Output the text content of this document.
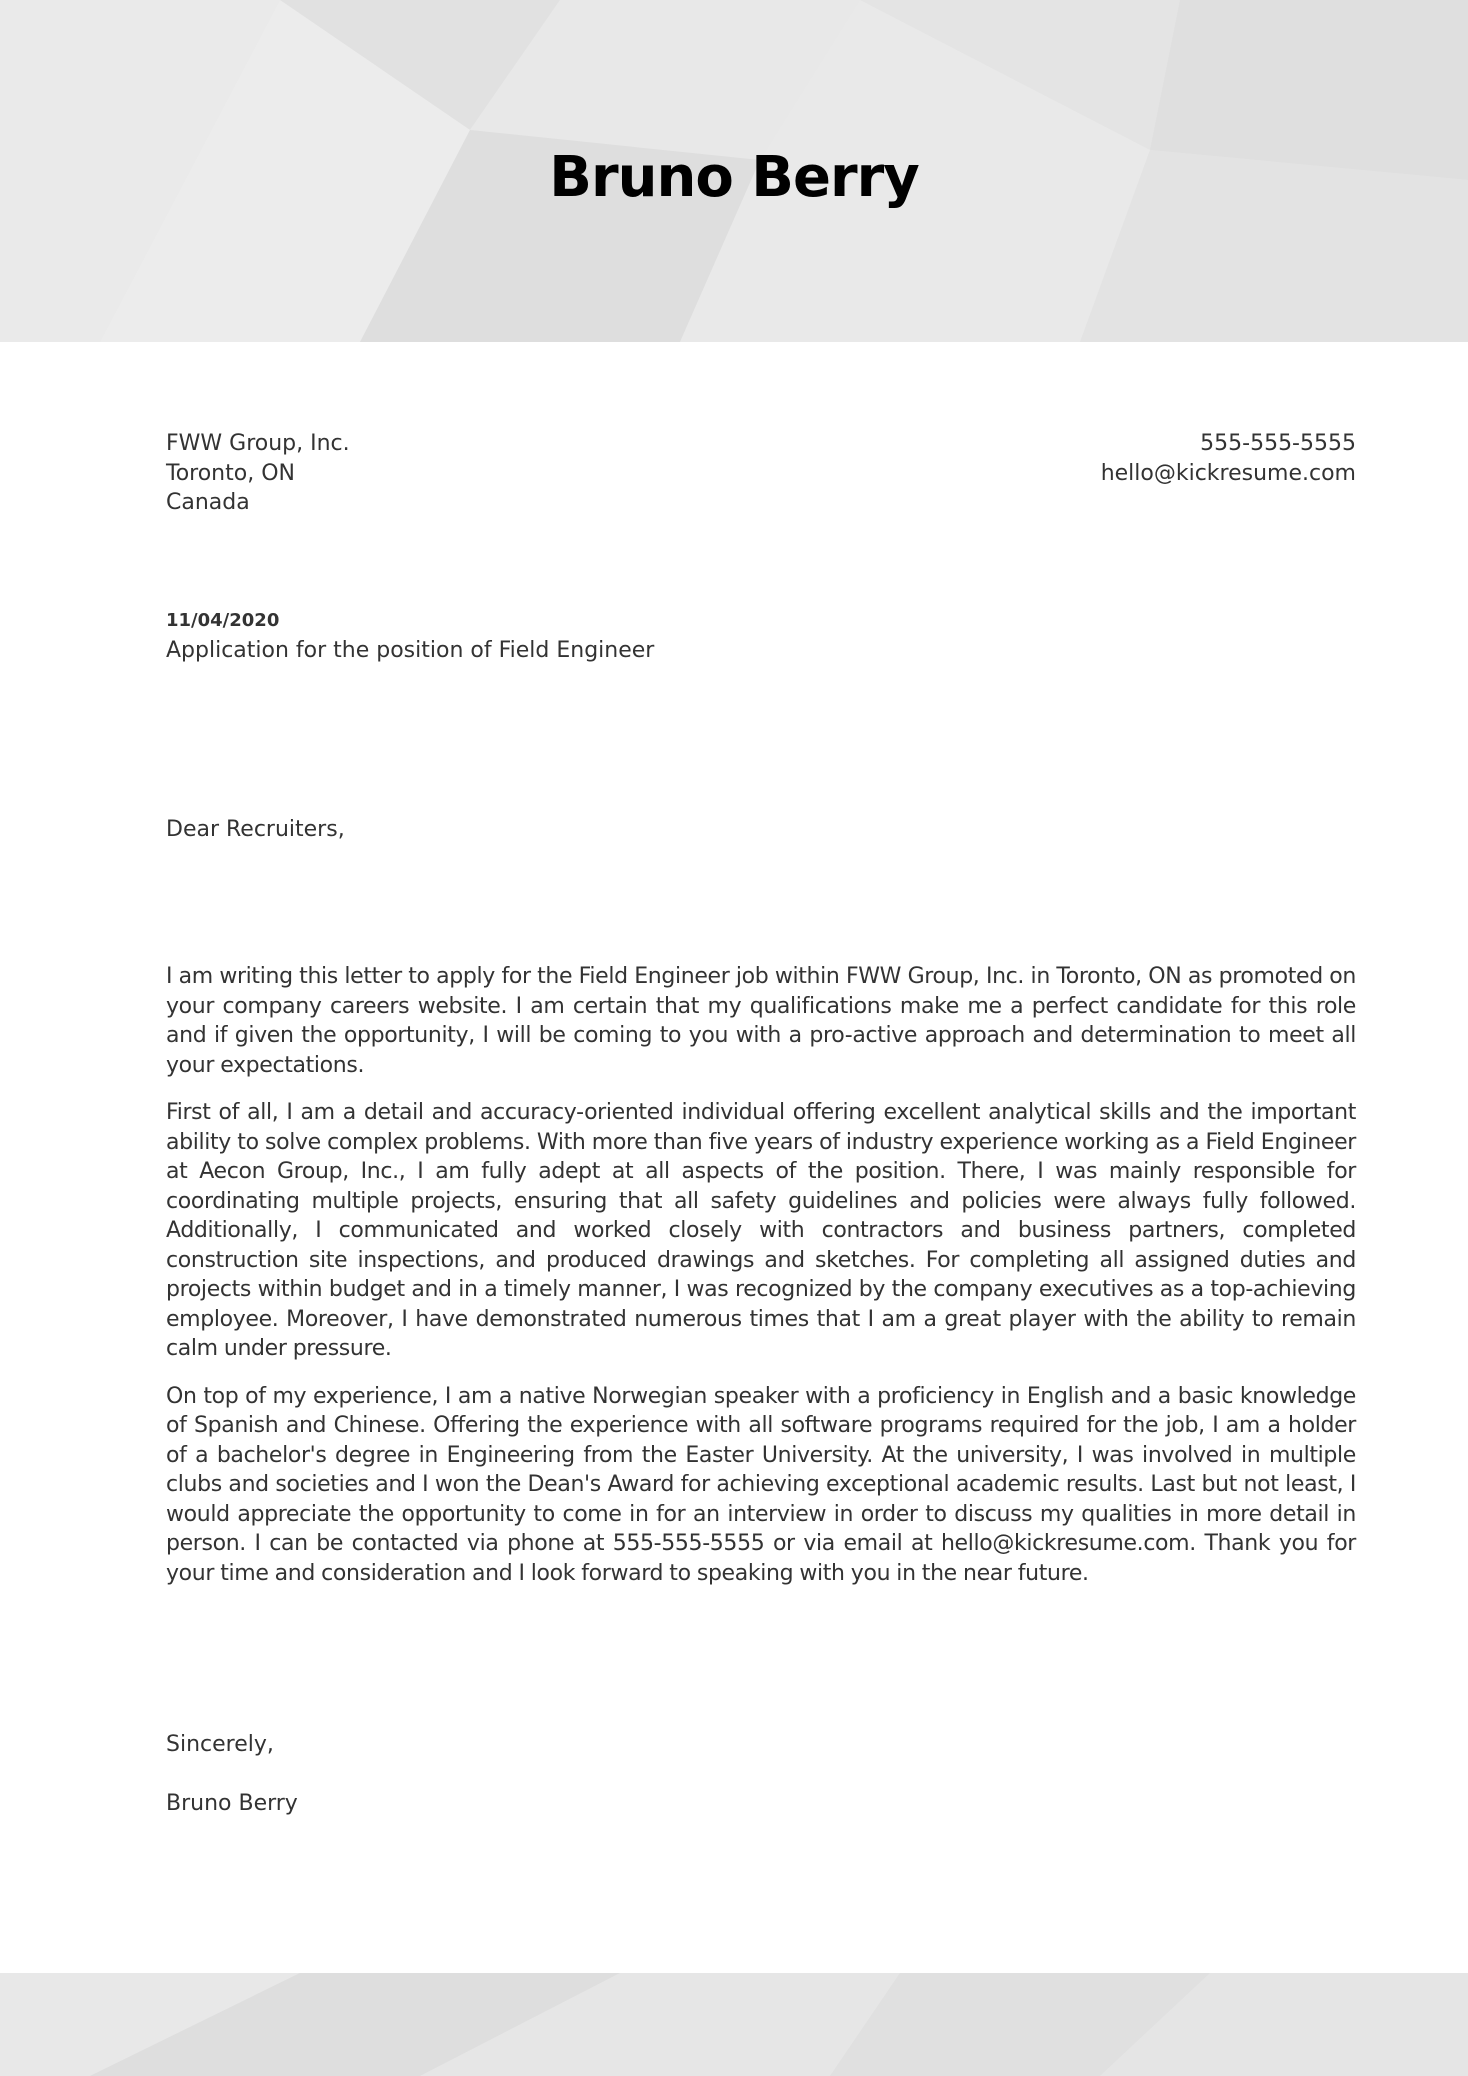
Bruno Berry
FWW Group, Inc.
Toronto, ON
Canada
555-555-5555
hello@kickresume.com
11/04/2020
Application for the position of Field Engineer
Dear Recruiters,

I am writing this letter to apply for the Field Engineer job within FWW Group, Inc. in Toronto, ON as promoted on your company careers website. I am certain that my qualifications make me a perfect candidate for this role and if given the opportunity, I will be coming to you with a pro-active approach and determination to meet all your expectations.

First of all, I am a detail and accuracy-oriented individual offering excellent analytical skills and the important ability to solve complex problems. With more than five years of industry experience working as a Field Engineer at Aecon Group, Inc., I am fully adept at all aspects of the position. There, I was mainly responsible for coordinating multiple projects, ensuring that all safety guidelines and policies were always fully followed. Additionally, I communicated and worked closely with contractors and business partners, completed construction site inspections, and produced drawings and sketches. For completing all assigned duties and projects within budget and in a timely manner, I was recognized by the company executives as a top-achieving employee. Moreover, I have demonstrated numerous times that I am a great player with the ability to remain calm under pressure.

On top of my experience, I am a native Norwegian speaker with a proficiency in English and a basic knowledge of Spanish and Chinese. Offering the experience with all software programs required for the job, I am a holder of a bachelor's degree in Engineering from the Easter University. At the university, I was involved in multiple clubs and societies and I won the Dean's Award for achieving exceptional academic results. Last but not least, I would appreciate the opportunity to come in for an interview in order to discuss my qualities in more detail in person. I can be contacted via phone at 555-555-5555 or via email at hello@kickresume.com. Thank you for your time and consideration and I look forward to speaking with you in the near future.

Sincerely,
Bruno Berry
